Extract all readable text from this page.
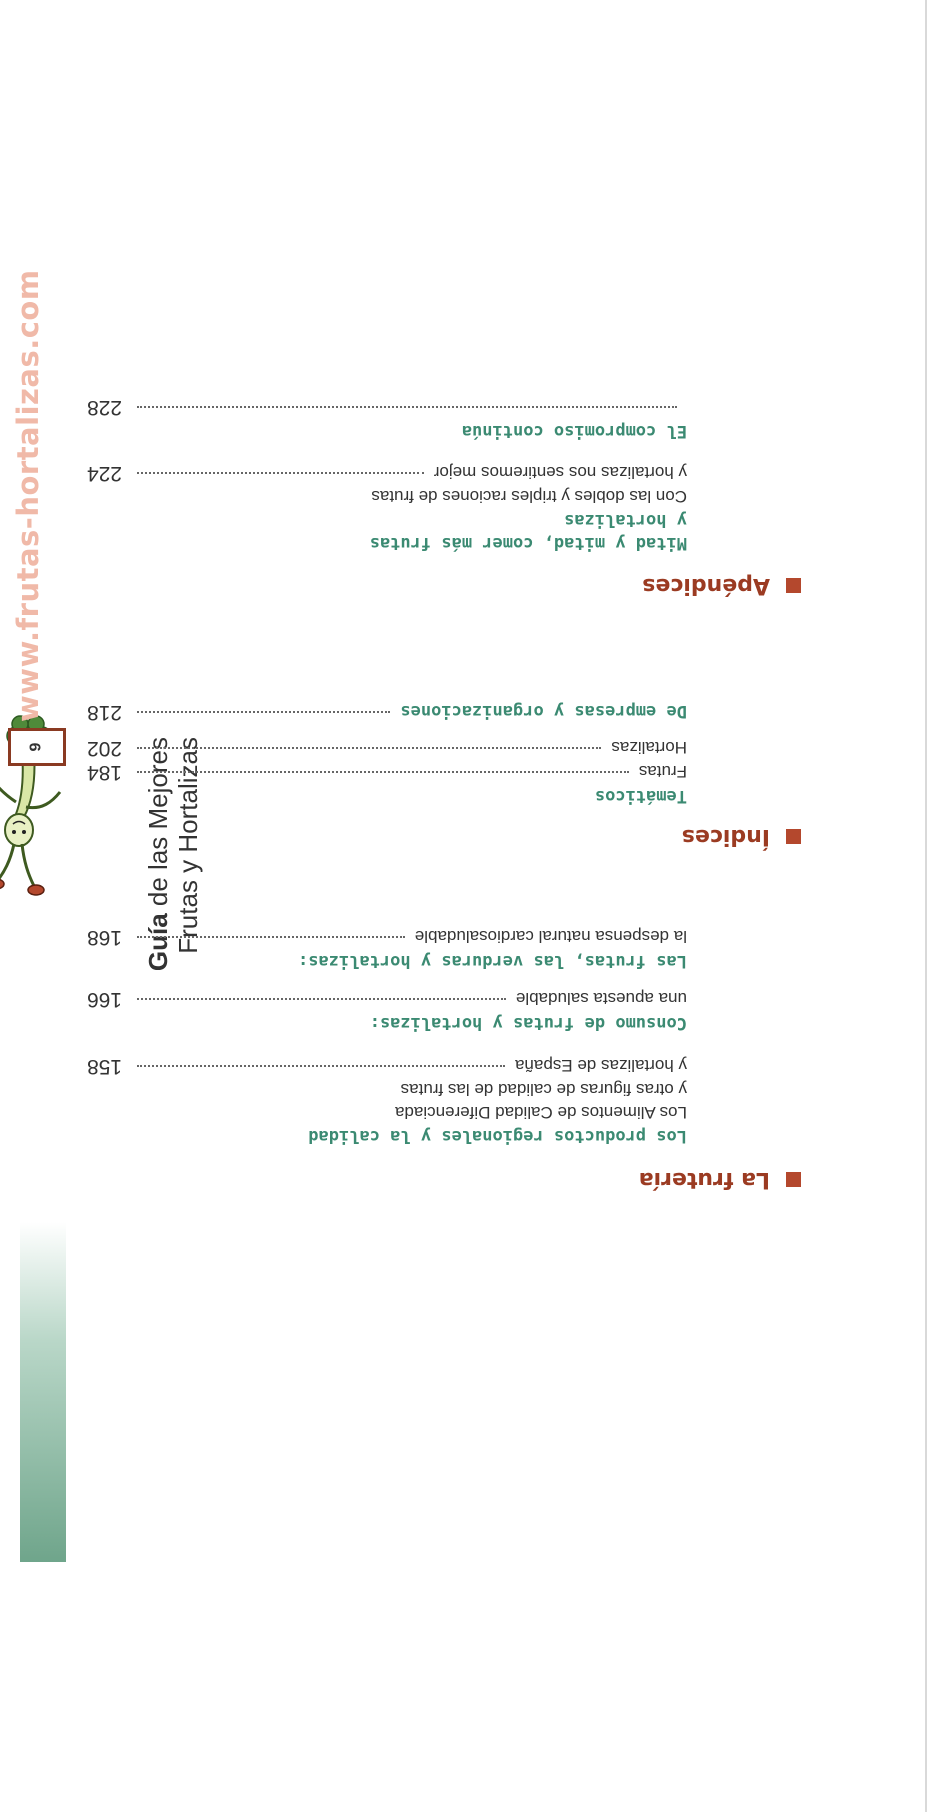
Guía de las Mejores Frutas y Hortalizas
9
www.frutas-hortalizas.com
La frutería
Los productos regionales y la calidad
Los Alimentos de Calidad Diferenciada
y otras figuras de calidad de las frutas
y hortalizas de España
158
Consumo de frutas y hortalizas:
una apuesta saludable
166
Las frutas, las verduras y hortalizas:
la despensa natural cardiosaludable
168
Índices
Temáticos
Frutas
184
Hortalizas
202
De empresas y organizaciones
218
Apéndices
Mitad y mitad, comer más frutas
y hortalizas
Con las dobles y triples raciones de frutas
y hortalizas nos sentiremos mejor
224
El compromiso continúa
228
